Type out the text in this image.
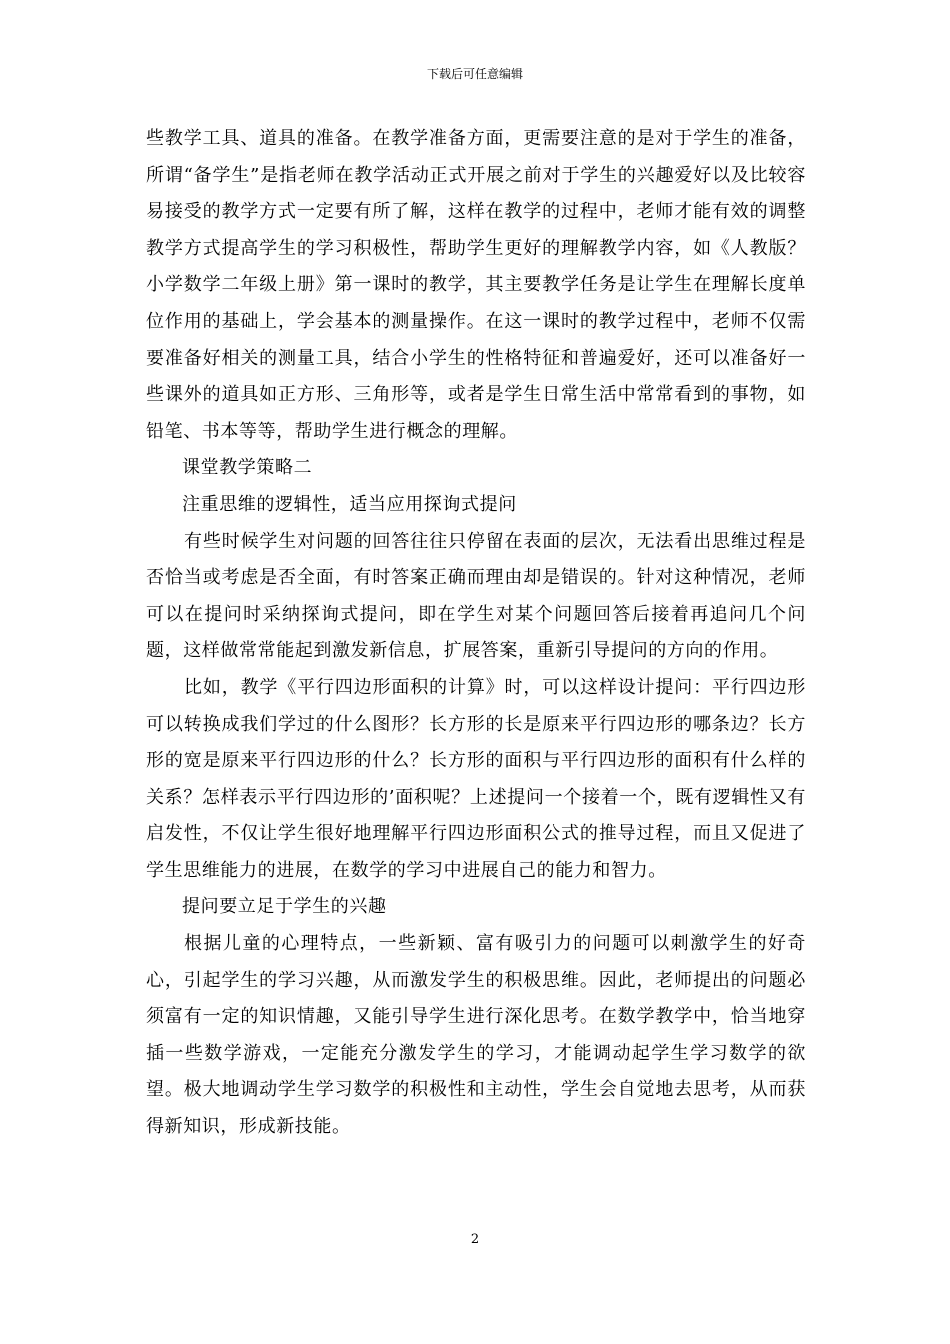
下载后可任意编辑

些教学工具、道具的准备。在教学准备方面，更需要注意的是对于学生的准备，所谓“备学生”是指老师在教学活动正式开展之前对于学生的兴趣爱好以及比较容易接受的教学方式一定要有所了解，这样在教学的过程中，老师才能有效的调整教学方式提高学生的学习积极性，帮助学生更好的理解教学内容，如《人教版？小学数学二年级上册》第一课时的教学，其主要教学任务是让学生在理解长度单位作用的基础上，学会基本的测量操作。在这一课时的教学过程中，老师不仅需要准备好相关的测量工具，结合小学生的性格特征和普遍爱好，还可以准备好一些课外的道具如正方形、三角形等，或者是学生日常生活中常常看到的事物，如铅笔、书本等等，帮助学生进行概念的理解。

课堂教学策略二

注重思维的逻辑性，适当应用探询式提问

有些时候学生对问题的回答往往只停留在表面的层次，无法看出思维过程是否恰当或考虑是否全面，有时答案正确而理由却是错误的。针对这种情况，老师可以在提问时采纳探询式提问，即在学生对某个问题回答后接着再追问几个问题，这样做常常能起到激发新信息，扩展答案，重新引导提问的方向的作用。

比如，教学《平行四边形面积的计算》时，可以这样设计提问：平行四边形可以转换成我们学过的什么图形？长方形的长是原来平行四边形的哪条边？长方形的宽是原来平行四边形的什么？长方形的面积与平行四边形的面积有什么样的关系？怎样表示平行四边形的’面积呢？上述提问一个接着一个，既有逻辑性又有启发性，不仅让学生很好地理解平行四边形面积公式的推导过程，而且又促进了学生思维能力的进展，在数学的学习中进展自己的能力和智力。

提问要立足于学生的兴趣

根据儿童的心理特点，一些新颖、富有吸引力的问题可以刺激学生的好奇心，引起学生的学习兴趣，从而激发学生的积极思维。因此，老师提出的问题必须富有一定的知识情趣，又能引导学生进行深化思考。在数学教学中，恰当地穿插一些数学游戏，一定能充分激发学生的学习，才能调动起学生学习数学的欲望。极大地调动学生学习数学的积极性和主动性，学生会自觉地去思考，从而获得新知识，形成新技能。

2
